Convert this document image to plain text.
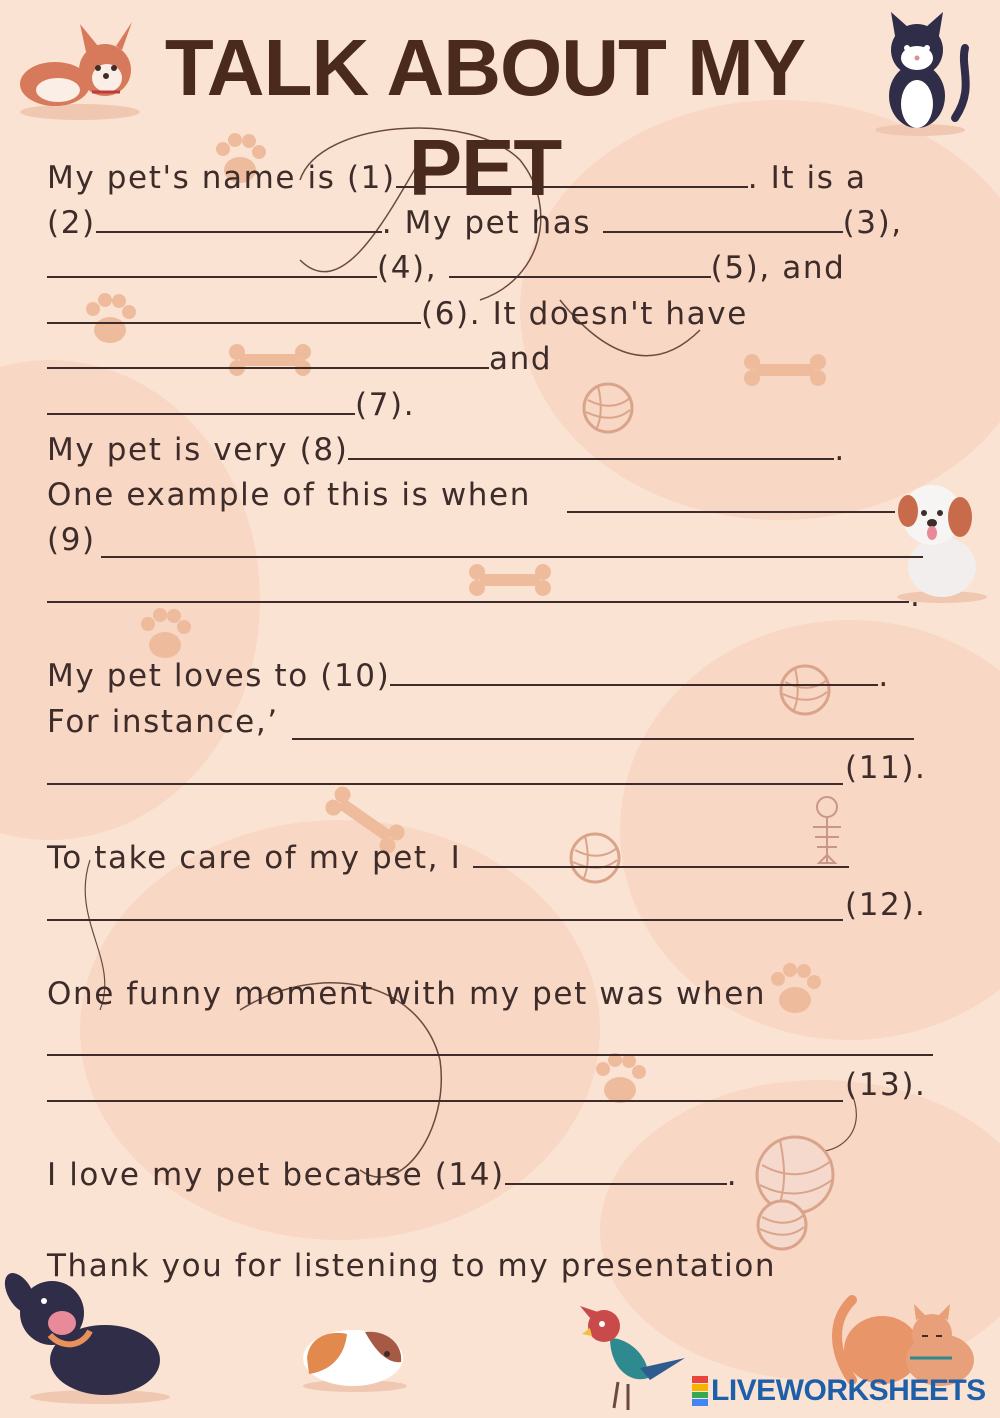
TALK ABOUT MY PET
My pet's name is (1)	. It is a
(2)	. My pet has	(3),
(4),	(5), and
(6). It doesn't have
and
(7).
My pet is very (8)	.
One example of this is when
(9)
.
My pet loves to (10)	.
For instance,’
(11).
To take care of my pet, I
(12).
One funny moment with my pet was when
(13).
I love my pet because (14)	.
Thank you for listening to my presentation
LIVEWORKSHEETS
